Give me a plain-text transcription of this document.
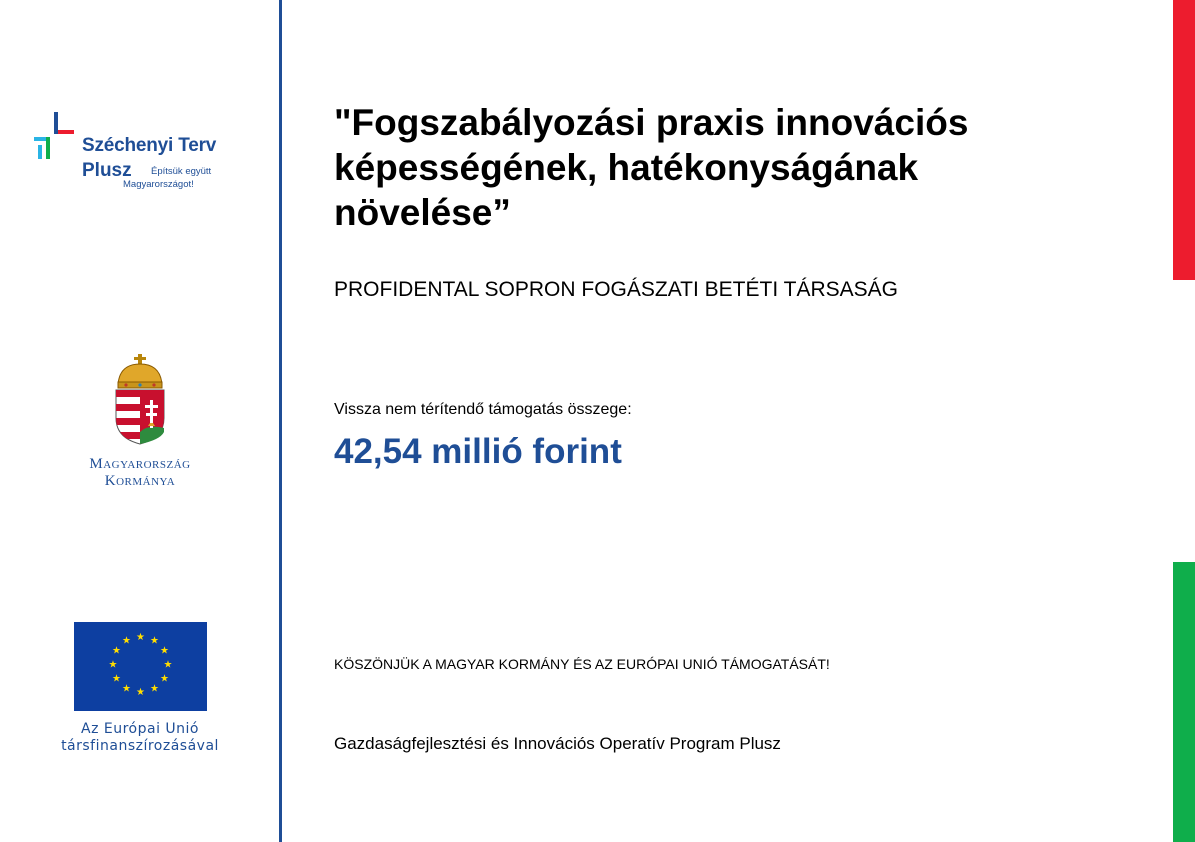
Széchenyi Terv
Plusz Építsük együtt
Magyarországot!
Magyarország
Kormánya
★ ★
★
★
★
★
★
★
★
★
★
★
Az Európai Unió
társfinanszírozásával
"Fogszabályozási praxis innovációs képességének, hatékonyságának növelése”
PROFIDENTAL SOPRON FOGÁSZATI BETÉTI TÁRSASÁG
Vissza nem térítendő támogatás összege:
42,54 millió forint
KÖSZÖNJÜK A MAGYAR KORMÁNY ÉS AZ EURÓPAI UNIÓ TÁMOGATÁSÁT!
Gazdaságfejlesztési és Innovációs Operatív Program Plusz
